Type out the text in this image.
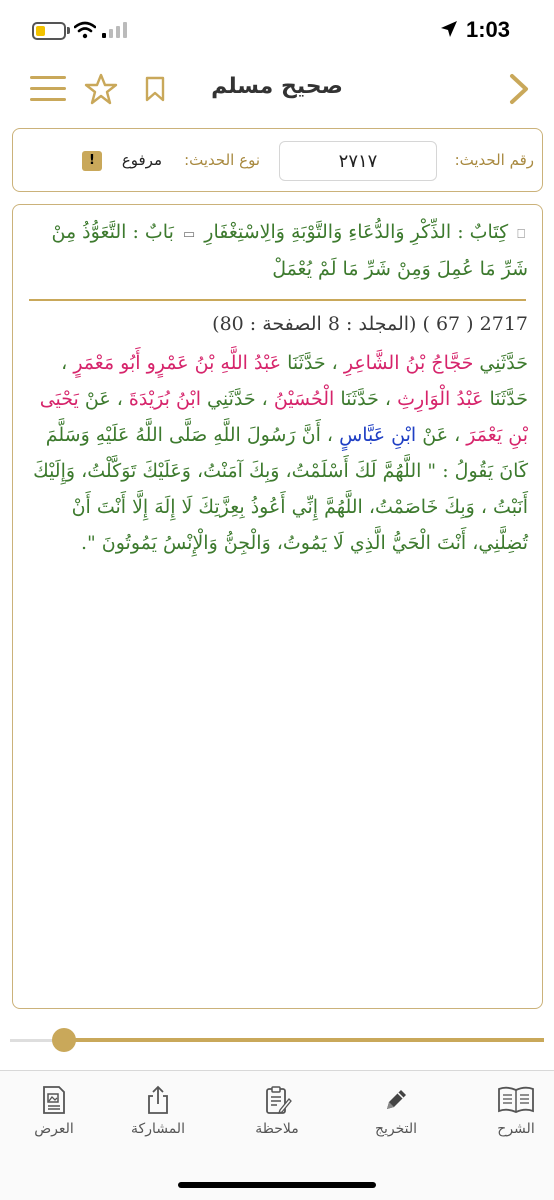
1:03
صحيح مسلم
رقم الحديث:
٢٧١٧
نوع الحديث:
مرفوع
!
⎕ كِتَابٌ : الذِّكْرِ وَالدُّعَاءِ وَالتَّوْبَةِ وَالِاسْتِغْفَارِ ▭ بَابٌ : التَّعَوُّذُ مِنْ شَرِّ مَا عُمِلَ وَمِنْ شَرِّ مَا لَمْ يُعْمَلْ
2717 ( 67 ) (المجلد : 8 الصفحة : 80)
حَدَّثَنِي حَجَّاجُ بْنُ الشَّاعِرِ ، حَدَّثَنَا عَبْدُ اللَّهِ بْنُ عَمْرٍو أَبُو مَعْمَرٍ ، حَدَّثَنَا عَبْدُ الْوَارِثِ ، حَدَّثَنَا الْحُسَيْنُ ، حَدَّثَنِي ابْنُ بُرَيْدَةَ ، عَنْ يَحْيَى بْنِ يَعْمَرَ ، عَنْ ابْنِ عَبَّاسٍ ، أَنَّ رَسُولَ اللَّهِ صَلَّى اللَّهُ عَلَيْهِ وَسَلَّمَ كَانَ يَقُولُ : " اللَّهُمَّ لَكَ أَسْلَمْتُ، وَبِكَ آمَنْتُ، وَعَلَيْكَ تَوَكَّلْتُ، وَإِلَيْكَ أَنَبْتُ ، وَبِكَ خَاصَمْتُ، اللَّهُمَّ إِنِّي أَعُوذُ بِعِزَّتِكَ لَا إِلَهَ إِلَّا أَنْتَ أَنْ تُضِلَّنِي، أَنْتَ الْحَيُّ الَّذِي لَا يَمُوتُ، وَالْجِنُّ وَالْإِنْسُ يَمُوتُونَ ".
العرض	المشاركة	ملاحظة	التخريج	الشرح
